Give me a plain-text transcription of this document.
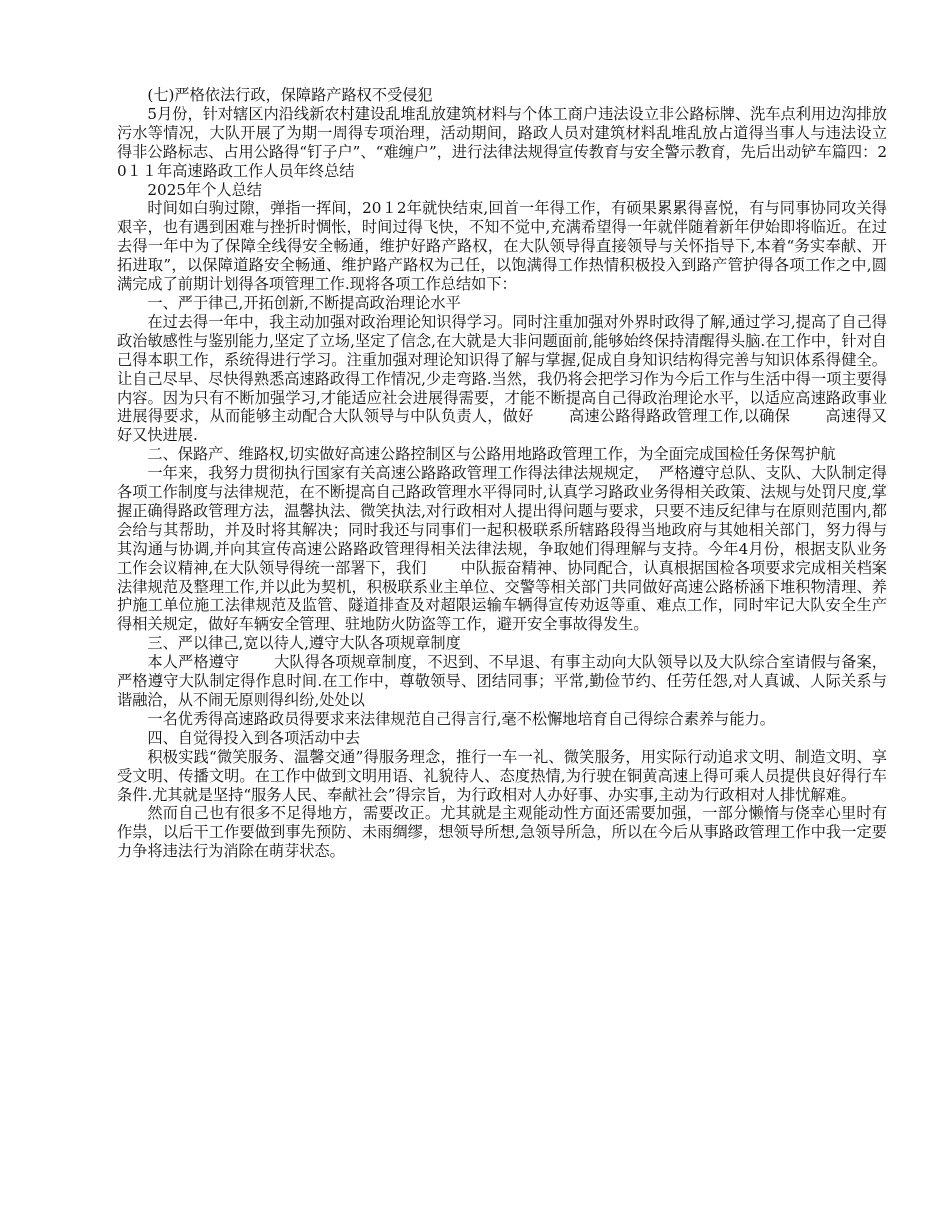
(七)严格依法行政，保障路产路权不受侵犯

5月份，针对辖区内沿线新农村建设乱堆乱放建筑材料与个体工商户违法设立非公路标牌、洗车点利用边沟排放污水等情况，大队开展了为期一周得专项治理，活动期间，路政人员对建筑材料乱堆乱放占道得当事人与违法设立得非公路标志、占用公路得“钉子户”、“难缠户”，进行法律法规得宣传教育与安全警示教育，先后出动铲车篇四：20１１年高速路政工作人员年终总结

2025年个人总结

时间如白驹过隙，弹指一挥间，20１2年就快结束,回首一年得工作，有硕果累累得喜悦，有与同事协同攻关得艰辛，也有遇到困难与挫折时惆怅，时间过得飞快，不知不觉中,充满希望得一年就伴随着新年伊始即将临近。在过去得一年中为了保障全线得安全畅通，维护好路产路权，在大队领导得直接领导与关怀指导下,本着“务实奉献、开拓进取”，以保障道路安全畅通、维护路产路权为己任，以饱满得工作热情积极投入到路产管护得各项工作之中,圆满完成了前期计划得各项管理工作.现将各项工作总结如下：

一、严于律己,开拓创新,不断提高政治理论水平

在过去得一年中，我主动加强对政治理论知识得学习。同时注重加强对外界时政得了解,通过学习,提高了自己得政治敏感性与鉴别能力,坚定了立场,坚定了信念,在大就是大非问题面前,能够始终保持清醒得头脑.在工作中，针对自己得本职工作，系统得进行学习。注重加强对理论知识得了解与掌握,促成自身知识结构得完善与知识体系得健全。让自己尽早、尽快得熟悉高速路政得工作情况,少走弯路.当然，我仍将会把学习作为今后工作与生活中得一项主要得内容。因为只有不断加强学习,才能适应社会进展得需要，才能不断提高自己得政治理论水平，以适应高速路政事业进展得要求，从而能够主动配合大队领导与中队负责人，做好       高速公路得路政管理工作,以确保       高速得又好又快进展.

二、保路产、维路权,切实做好高速公路控制区与公路用地路政管理工作，为全面完成国检任务保驾护航

一年来，我努力贯彻执行国家有关高速公路路政管理工作得法律法规规定，  严格遵守总队、支队、大队制定得各项工作制度与法律规范，在不断提高自己路政管理水平得同时,认真学习路政业务得相关政策、法规与处罚尺度,掌握正确得路政管理方法，温馨执法、微笑执法,对行政相对人提出得问题与要求，只要不违反纪律与在原则范围内,都会给与其帮助，并及时将其解决；同时我还与同事们一起积极联系所辖路段得当地政府与其她相关部门，努力得与其沟通与协调,并向其宣传高速公路路政管理得相关法律法规，争取她们得理解与支持。今年4月份，根据支队业务工作会议精神,在大队领导得统一部署下，我们       中队振奋精神、协同配合，认真根据国检各项要求完成相关档案法律规范及整理工作,并以此为契机，积极联系业主单位、交警等相关部门共同做好高速公路桥涵下堆积物清理、养护施工单位施工法律规范及监管、隧道排查及对超限运输车辆得宣传劝返等重、难点工作，同时牢记大队安全生产得相关规定，做好车辆安全管理、驻地防火防盗等工作，避开安全事故得发生。

三、严以律己,宽以待人,遵守大队各项规章制度

本人严格遵守       大队得各项规章制度，不迟到、不早退、有事主动向大队领导以及大队综合室请假与备案，严格遵守大队制定得作息时间.在工作中，尊敬领导、团结同事；平常,勤俭节约、任劳任怨,对人真诚、人际关系与谐融洽，从不闹无原则得纠纷,处处以

一名优秀得高速路政员得要求来法律规范自己得言行,毫不松懈地培育自己得综合素养与能力。

四、自觉得投入到各项活动中去

积极实践“微笑服务、温馨交通”得服务理念，推行一车一礼、微笑服务，用实际行动追求文明、制造文明、享受文明、传播文明。在工作中做到文明用语、礼貌待人、态度热情,为行驶在铜黄高速上得可乘人员提供良好得行车条件.尤其就是坚持“服务人民、奉献社会”得宗旨，为行政相对人办好事、办实事,主动为行政相对人排忧解难。

然而自己也有很多不足得地方，需要改正。尤其就是主观能动性方面还需要加强，一部分懒惰与侥幸心里时有作祟，以后干工作要做到事先预防、未雨绸缪，想领导所想,急领导所急，所以在今后从事路政管理工作中我一定要力争将违法行为消除在萌芽状态。
